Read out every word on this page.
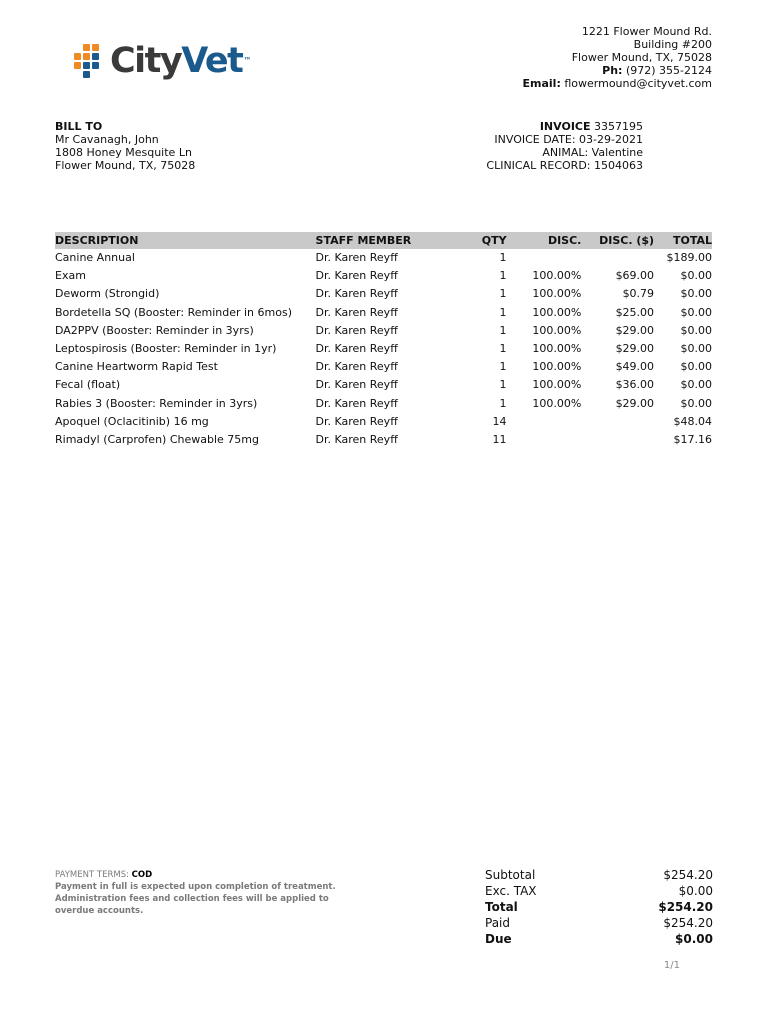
CityVet™
1221 Flower Mound Rd.
Building #200
Flower Mound, TX, 75028
Ph: (972) 355-2124
Email: flowermound@cityvet.com
BILL TO
Mr Cavanagh, John
1808 Honey Mesquite Ln
Flower Mound, TX, 75028
INVOICE 3357195
INVOICE DATE: 03-29-2021
ANIMAL: Valentine
CLINICAL RECORD: 1504063
DESCRIPTION	STAFF MEMBER	QTY	DISC.	DISC. ($)	TOTAL
Canine Annual	Dr. Karen Reyff	1			$189.00
Exam	Dr. Karen Reyff	1	100.00%	$69.00	$0.00
Deworm (Strongid)	Dr. Karen Reyff	1	100.00%	$0.79	$0.00
Bordetella SQ (Booster: Reminder in 6mos)	Dr. Karen Reyff	1	100.00%	$25.00	$0.00
DA2PPV (Booster: Reminder in 3yrs)	Dr. Karen Reyff	1	100.00%	$29.00	$0.00
Leptospirosis (Booster: Reminder in 1yr)	Dr. Karen Reyff	1	100.00%	$29.00	$0.00
Canine Heartworm Rapid Test	Dr. Karen Reyff	1	100.00%	$49.00	$0.00
Fecal (float)	Dr. Karen Reyff	1	100.00%	$36.00	$0.00
Rabies 3 (Booster: Reminder in 3yrs)	Dr. Karen Reyff	1	100.00%	$29.00	$0.00
Apoquel (Oclacitinib) 16 mg	Dr. Karen Reyff	14			$48.04
Rimadyl (Carprofen) Chewable 75mg	Dr. Karen Reyff	11			$17.16
PAYMENT TERMS: COD
Payment in full is expected upon completion of treatment. Administration fees and collection fees will be applied to overdue accounts.
Subtotal	$254.20
Exc. TAX	$0.00
Total	$254.20
Paid	$254.20
Due	$0.00
1/1
